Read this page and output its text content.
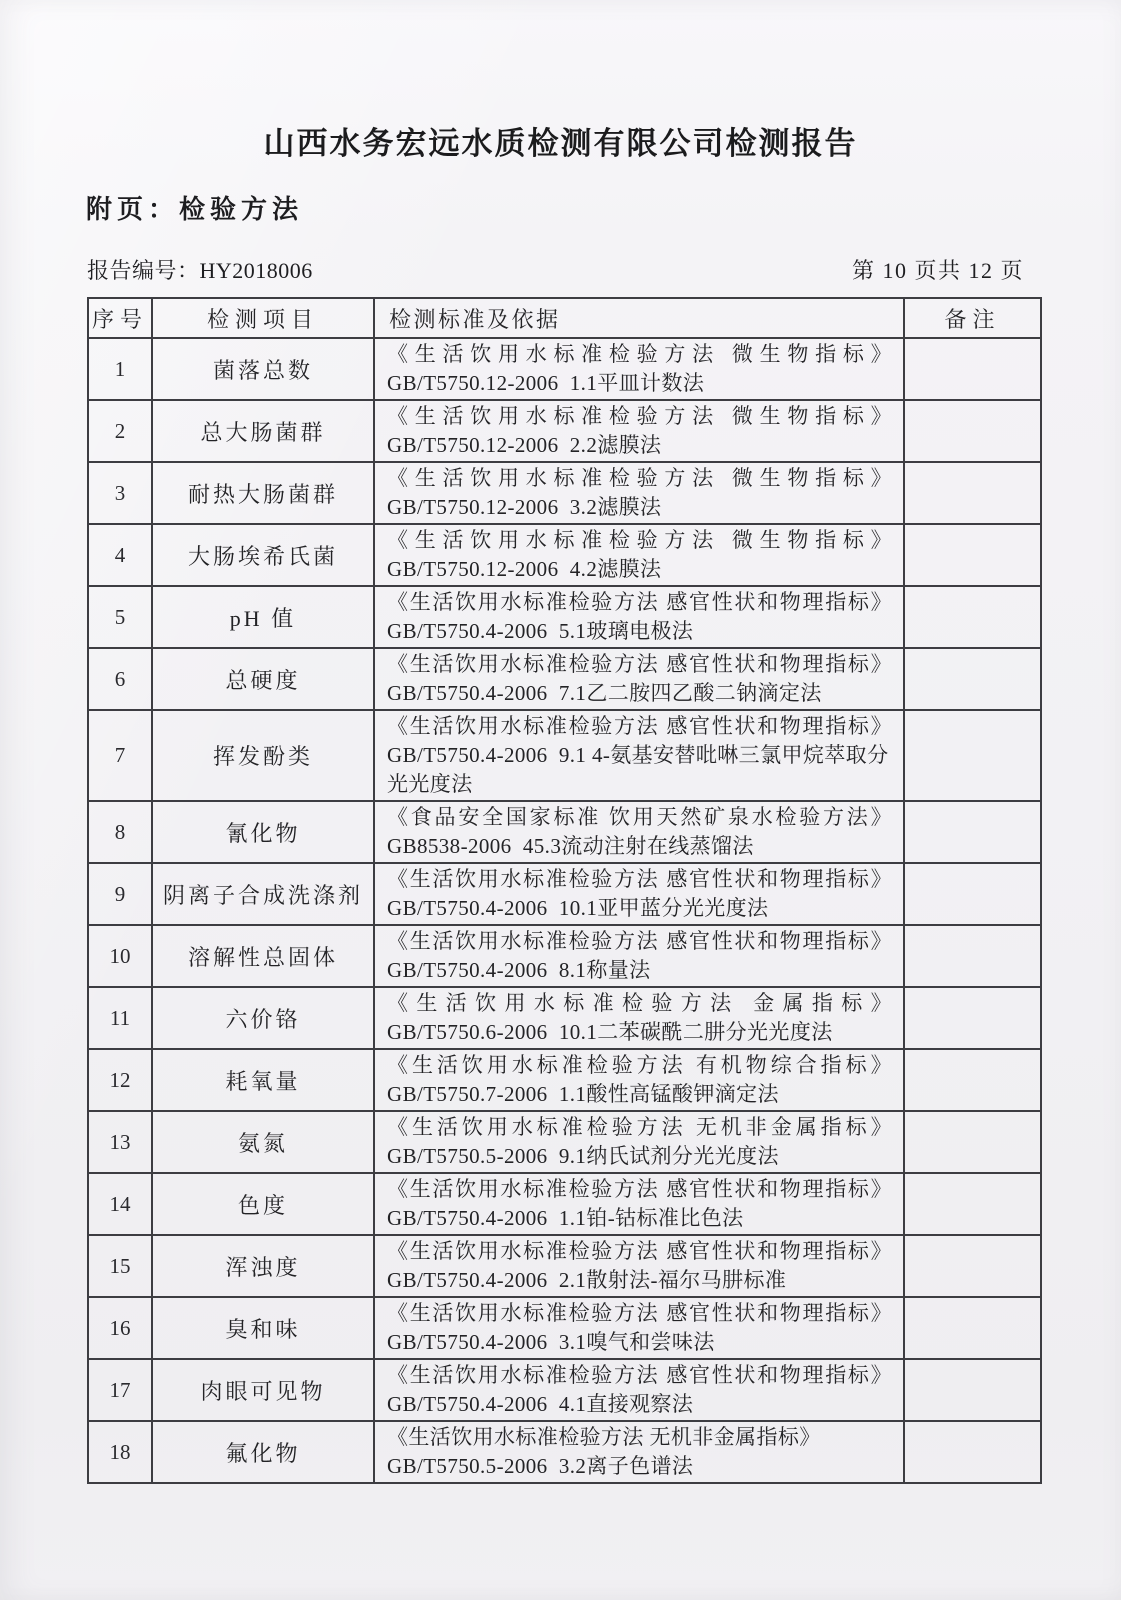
山西水务宏远水质检测有限公司检测报告
附页：检验方法
报告编号：HY2018006	第 10 页共 12 页
序号	检测项目	检测标准及依据	备注
1	菌落总数	《生活饮用水标准检验方法 微生物指标》
GB/T5750.12-2006  1.1平皿计数法	

2	总大肠菌群	《生活饮用水标准检验方法 微生物指标》
GB/T5750.12-2006  2.2滤膜法	

3	耐热大肠菌群	《生活饮用水标准检验方法 微生物指标》
GB/T5750.12-2006  3.2滤膜法	

4	大肠埃希氏菌	《生活饮用水标准检验方法 微生物指标》
GB/T5750.12-2006  4.2滤膜法	

5	pH 值	《生活饮用水标准检验方法 感官性状和物理指标》
GB/T5750.4-2006  5.1玻璃电极法	

6	总硬度	《生活饮用水标准检验方法 感官性状和物理指标》
GB/T5750.4-2006  7.1乙二胺四乙酸二钠滴定法	

7	挥发酚类	《生活饮用水标准检验方法 感官性状和物理指标》
GB/T5750.4-2006  9.1 4-氨基安替吡啉三氯甲烷萃取分光光度法	

8	氰化物	《食品安全国家标准 饮用天然矿泉水检验方法》
GB8538-2006  45.3流动注射在线蒸馏法	

9	阴离子合成洗涤剂	《生活饮用水标准检验方法 感官性状和物理指标》
GB/T5750.4-2006  10.1亚甲蓝分光光度法	

10	溶解性总固体	《生活饮用水标准检验方法 感官性状和物理指标》
GB/T5750.4-2006  8.1称量法	

11	六价铬	《生活饮用水标准检验方法 金属指标》
GB/T5750.6-2006  10.1二苯碳酰二肼分光光度法	

12	耗氧量	《生活饮用水标准检验方法 有机物综合指标》
GB/T5750.7-2006  1.1酸性高锰酸钾滴定法	

13	氨氮	《生活饮用水标准检验方法 无机非金属指标》
GB/T5750.5-2006  9.1纳氏试剂分光光度法	

14	色度	《生活饮用水标准检验方法 感官性状和物理指标》
GB/T5750.4-2006  1.1铂-钴标准比色法	

15	浑浊度	《生活饮用水标准检验方法 感官性状和物理指标》
GB/T5750.4-2006  2.1散射法-福尔马肼标准	

16	臭和味	《生活饮用水标准检验方法 感官性状和物理指标》
GB/T5750.4-2006  3.1嗅气和尝味法	

17	肉眼可见物	《生活饮用水标准检验方法 感官性状和物理指标》
GB/T5750.4-2006  4.1直接观察法	

18	氟化物	《生活饮用水标准检验方法 无机非金属指标》
GB/T5750.5-2006  3.2离子色谱法	
